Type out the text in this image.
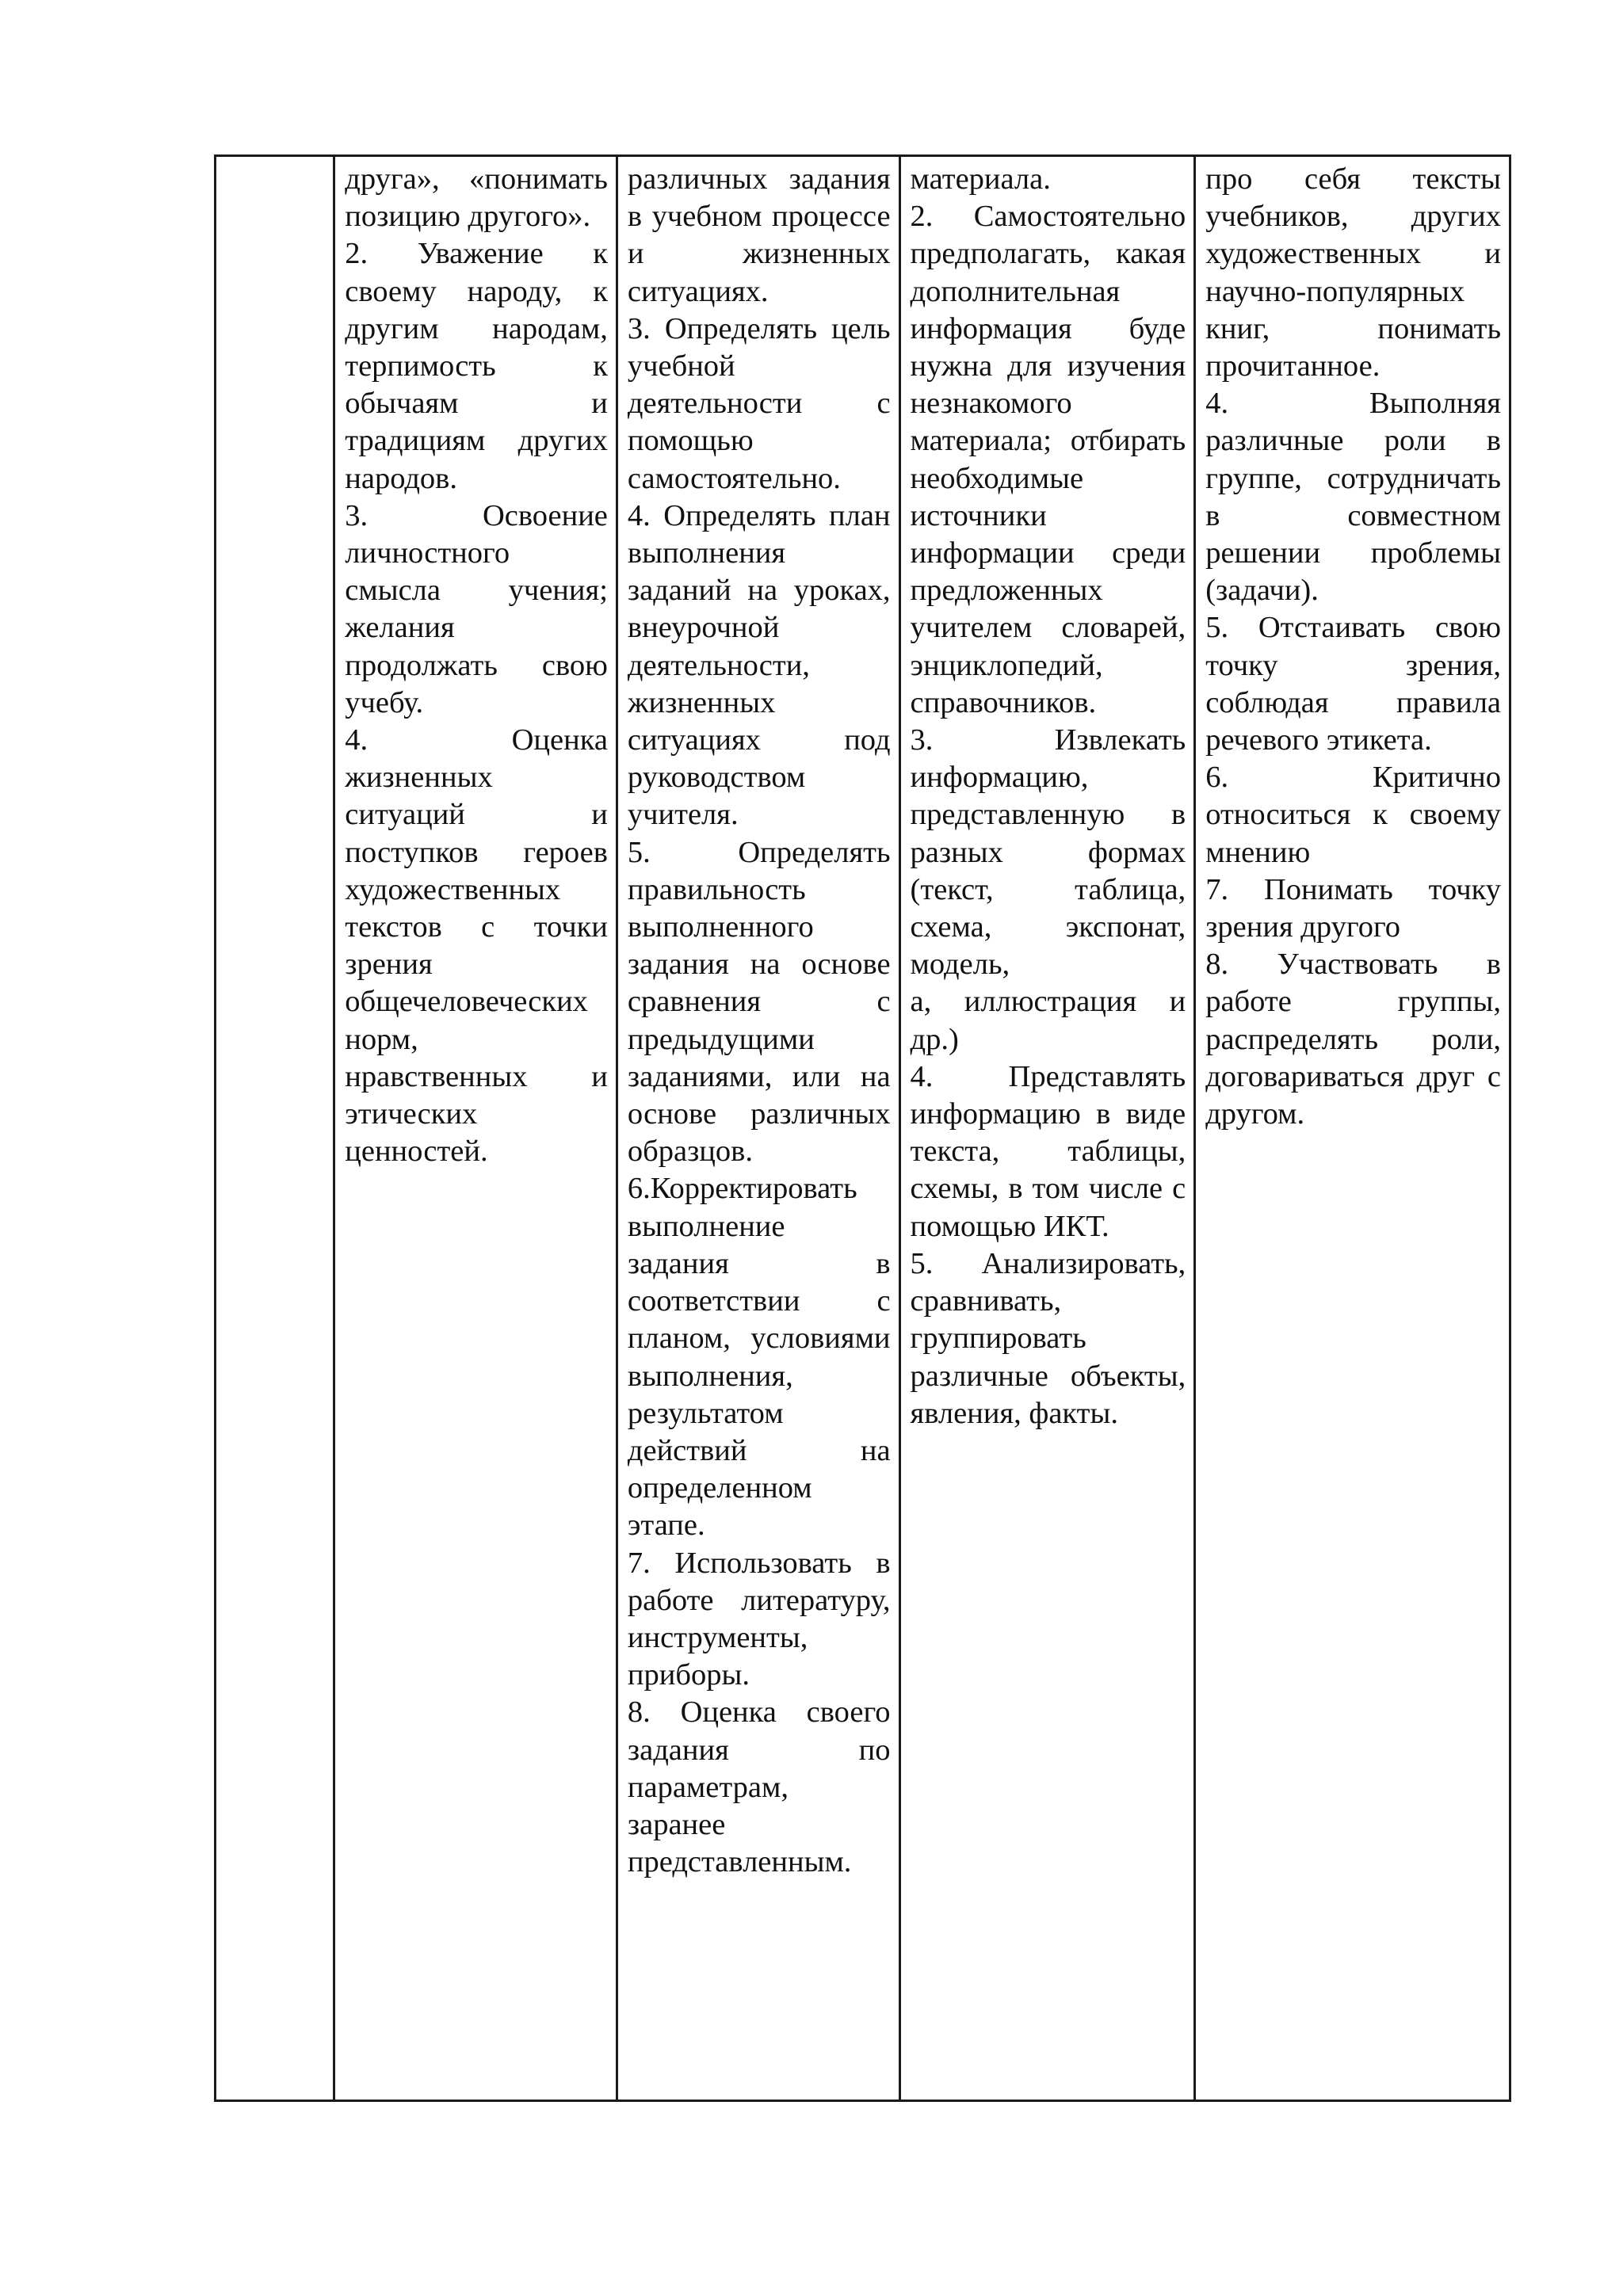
друга», «понимать позицию другого».
2. Уважение к своему народу, к другим народам, терпимость к обычаям и традициям других народов.
3. Освоение личностного смысла учения; желания продолжать свою учебу.
4. Оценка жизненных ситуаций и поступков героев художественных текстов с точки зрения общечеловеческих норм, нравственных и этических ценностей.

различных задания в учебном процессе и жизненных ситуациях.
3. Определять цель учебной деятельности с помощью самостоятельно.
4. Определять план выполнения заданий на уроках, внеурочной деятельности, жизненных ситуациях под руководством учителя.
5. Определять правильность выполненного задания на основе сравнения с предыдущими заданиями, или на основе различных образцов.
6.Корректировать выполнение задания в соответствии с планом, условиями выполнения, результатом действий на определенном этапе.
7. Использовать в работе литературу, инструменты, приборы.
8. Оценка своего задания по параметрам, заранее представленным.

материала.
2. Самостоятельно предполагать, какая дополнительная информация буде нужна для изучения незнакомого материала; отбирать необходимые источники информации среди предложенных учителем словарей, энциклопедий, справочников.
3. Извлекать информацию, представленную в разных формах (текст, таблица, схема, экспонат, модель,
а, иллюстрация и др.)
4. Представлять информацию в виде текста, таблицы, схемы, в том числе с помощью ИКТ.
5. Анализировать, сравнивать, группировать различные объекты, явления, факты.

про себя тексты учебников, других художественных и научно-популярных книг, понимать прочитанное.
4. Выполняя различные роли в группе, сотрудничать в совместном решении проблемы (задачи).
5. Отстаивать свою точку зрения, соблюдая правила речевого этикета.
6. Критично относиться к своему мнению
7. Понимать точку зрения другого
8. Участвовать в работе группы, распределять роли, договариваться друг с другом.
